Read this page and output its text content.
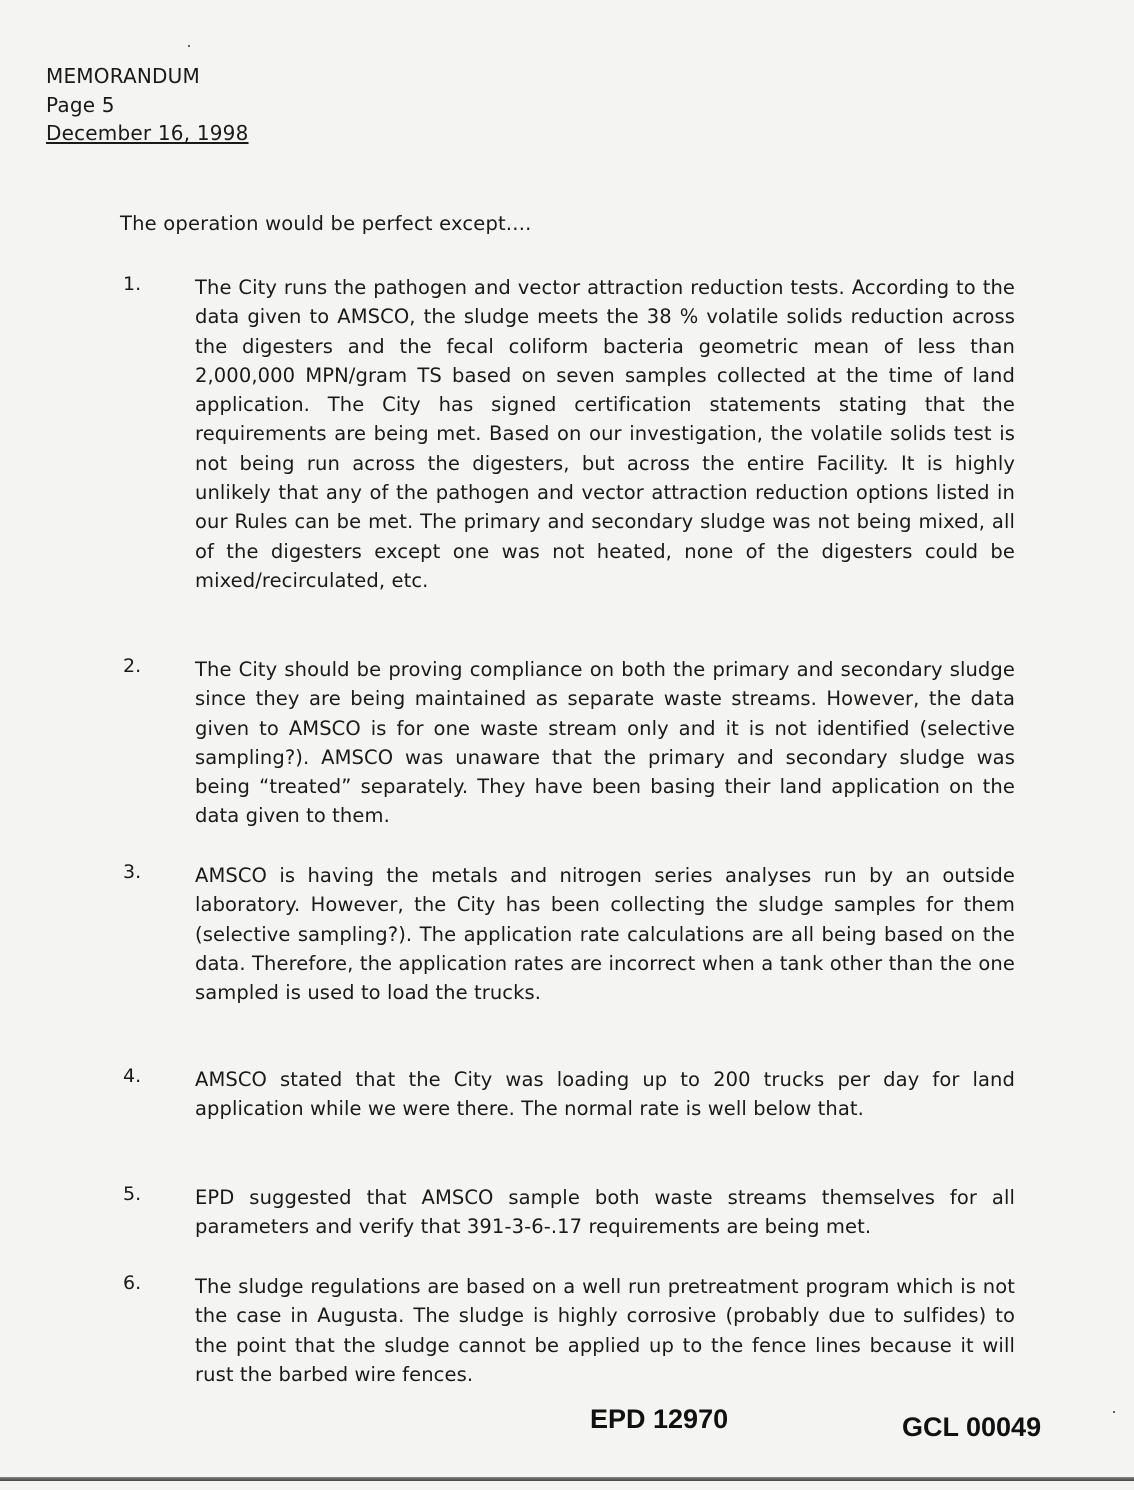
MEMORANDUM
Page 5
December 16, 1998
The operation would be perfect except....
1.	The City runs the pathogen and vector attraction reduction tests. According to the data given to AMSCO, the sludge meets the 38 % volatile solids reduction across the digesters and the fecal coliform bacteria geometric mean of less than 2,000,000 MPN/gram TS based on seven samples collected at the time of land application. The City has signed certification statements stating that the requirements are being met. Based on our investigation, the volatile solids test is not being run across the digesters, but across the entire Facility. It is highly unlikely that any of the pathogen and vector attraction reduction options listed in our Rules can be met. The primary and secondary sludge was not being mixed, all of the digesters except one was not heated, none of the digesters could be mixed/recirculated, etc.
2.	The City should be proving compliance on both the primary and secondary sludge since they are being maintained as separate waste streams. However, the data given to AMSCO is for one waste stream only and it is not identified (selective sampling?). AMSCO was unaware that the primary and secondary sludge was being “treated” separately. They have been basing their land application on the data given to them.
3.	AMSCO is having the metals and nitrogen series analyses run by an outside laboratory. However, the City has been collecting the sludge samples for them (selective sampling?). The application rate calculations are all being based on the data. Therefore, the application rates are incorrect when a tank other than the one sampled is used to load the trucks.
4.	AMSCO stated that the City was loading up to 200 trucks per day for land application while we were there. The normal rate is well below that.
5.	EPD suggested that AMSCO sample both waste streams themselves for all parameters and verify that 391-3-6-.17 requirements are being met.
6.	The sludge regulations are based on a well run pretreatment program which is not the case in Augusta. The sludge is highly corrosive (probably due to sulfides) to the point that the sludge cannot be applied up to the fence lines because it will rust the barbed wire fences.
EPD 12970	GCL 00049
